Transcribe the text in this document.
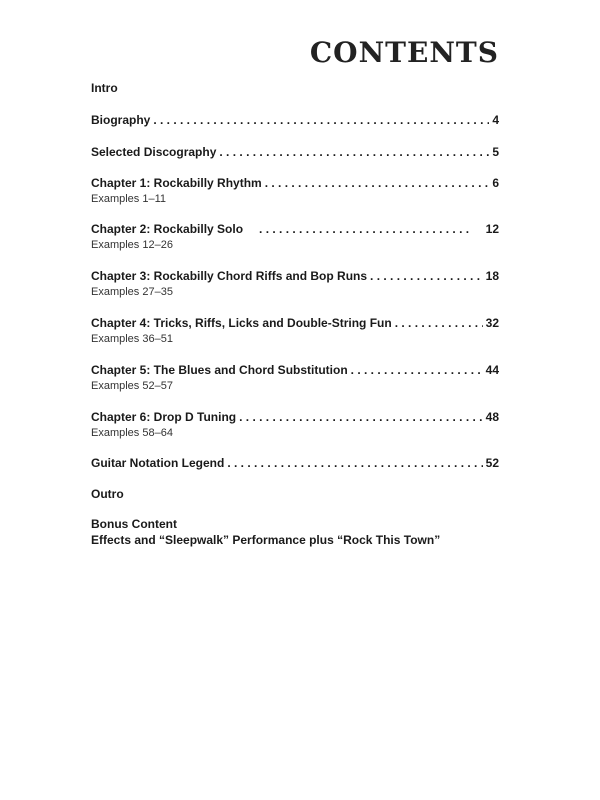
CONTENTS
Intro
Biography . . .	4
Selected Discography . . .	5
Chapter 1: Rockabilly Rhythm . . .	6
Examples 1–11
Chapter 2: Rockabilly Solo . . .	12
Examples 12–26
Chapter 3: Rockabilly Chord Riffs and Bop Runs . . .	18
Examples 27–35
Chapter 4: Tricks, Riffs, Licks and Double-String Fun . . .	32
Examples 36–51
Chapter 5: The Blues and Chord Substitution . . .	44
Examples 52–57
Chapter 6: Drop D Tuning . . .	48
Examples 58–64
Guitar Notation Legend . . .	52
Outro
Bonus Content
Effects and “Sleepwalk” Performance plus “Rock This Town”
